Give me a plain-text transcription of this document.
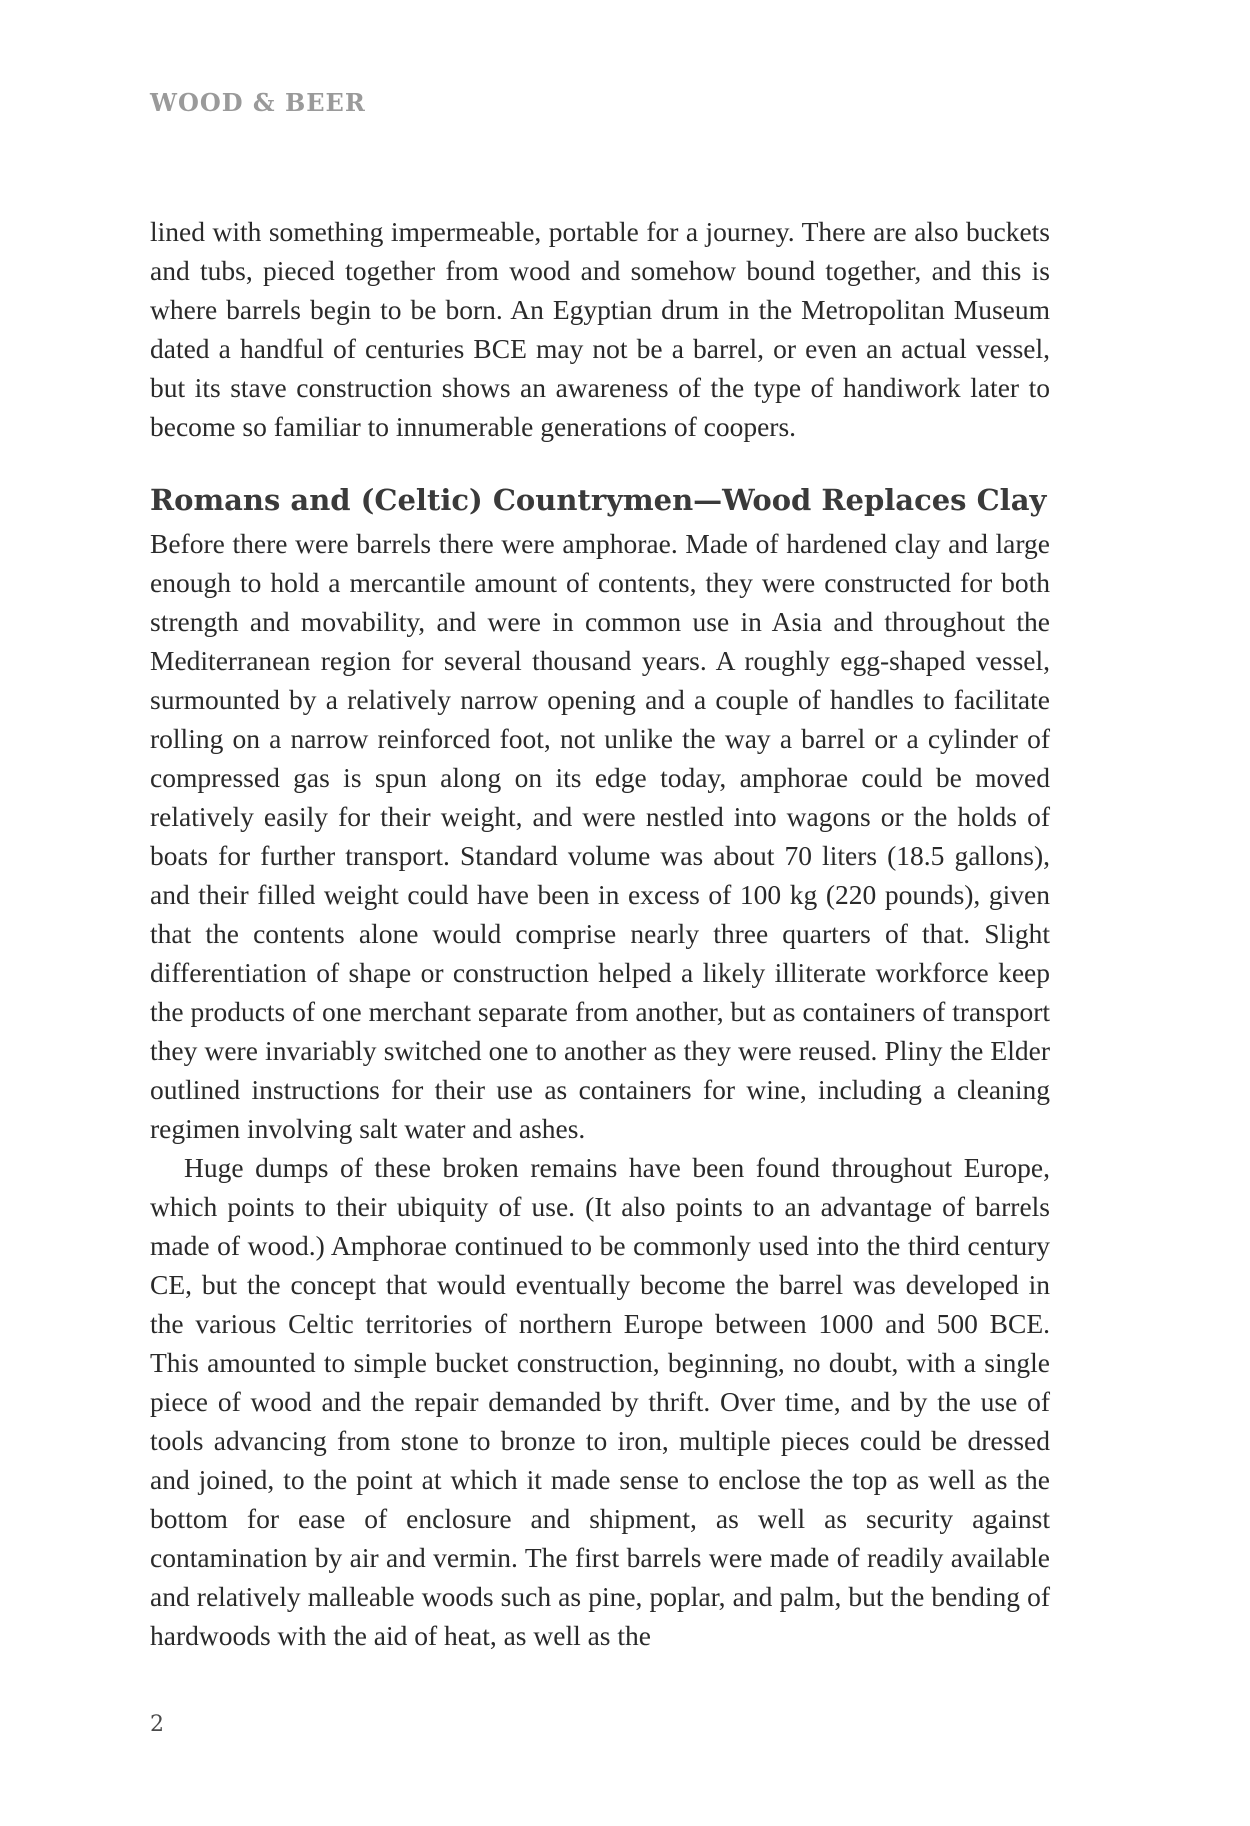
WOOD & BEER

lined with something impermeable, portable for a journey. There are also buckets and tubs, pieced together from wood and somehow bound together, and this is where barrels begin to be born. An Egyptian drum in the Metropolitan Museum dated a handful of centuries BCE may not be a barrel, or even an actual vessel, but its stave construction shows an awareness of the type of handiwork later to become so familiar to innumerable generations of coopers.

Romans and (Celtic) Countrymen—Wood Replaces Clay

Before there were barrels there were amphorae. Made of hardened clay and large enough to hold a mercantile amount of contents, they were constructed for both strength and movability, and were in common use in Asia and throughout the Mediterranean region for several thousand years. A roughly egg-shaped vessel, surmounted by a relatively narrow opening and a couple of handles to facilitate rolling on a narrow reinforced foot, not unlike the way a barrel or a cylinder of compressed gas is spun along on its edge today, amphorae could be moved relatively easily for their weight, and were nestled into wagons or the holds of boats for further transport. Standard volume was about 70 liters (18.5 gallons), and their filled weight could have been in excess of 100 kg (220 pounds), given that the contents alone would comprise nearly three quarters of that. Slight differentiation of shape or construction helped a likely illiterate workforce keep the products of one merchant separate from another, but as containers of transport they were invariably switched one to another as they were reused. Pliny the Elder outlined instructions for their use as containers for wine, including a cleaning regimen involving salt water and ashes.

Huge dumps of these broken remains have been found throughout Europe, which points to their ubiquity of use. (It also points to an advantage of barrels made of wood.) Amphorae continued to be commonly used into the third century CE, but the concept that would eventually become the barrel was developed in the various Celtic territories of northern Europe between 1000 and 500 BCE. This amounted to simple bucket construction, beginning, no doubt, with a single piece of wood and the repair demanded by thrift. Over time, and by the use of tools advancing from stone to bronze to iron, multiple pieces could be dressed and joined, to the point at which it made sense to enclose the top as well as the bottom for ease of enclosure and shipment, as well as security against contamination by air and vermin. The first barrels were made of readily available and relatively malleable woods such as pine, poplar, and palm, but the bending of hardwoods with the aid of heat, as well as the

2
